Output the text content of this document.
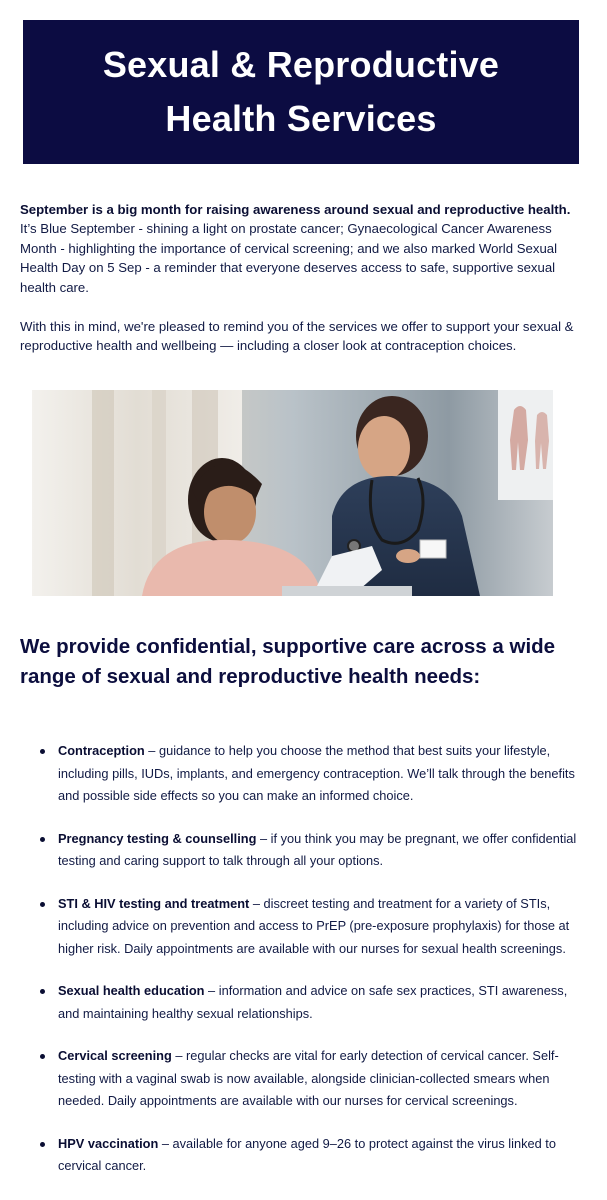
Sexual & Reproductive
Health Services

September is a big month for raising awareness around sexual and reproductive health. It’s Blue September - shining a light on prostate cancer; Gynaecological Cancer Awareness Month - highlighting the importance of cervical screening; and we also marked World Sexual Health Day on 5 Sep - a reminder that everyone deserves access to safe, supportive sexual health care.

With this in mind, we're pleased to remind you of the services we offer to support your sexual & reproductive health and wellbeing — including a closer look at contraception choices.

We provide confidential, supportive care across a wide range of sexual and reproductive health needs:
Contraception – guidance to help you choose the method that best suits your lifestyle, including pills, IUDs, implants, and emergency contraception. We’ll talk through the benefits and possible side effects so you can make an informed choice.
Pregnancy testing & counselling – if you think you may be pregnant, we offer confidential testing and caring support to talk through all your options.
STI & HIV testing and treatment – discreet testing and treatment for a variety of STIs, including advice on prevention and access to PrEP (pre-exposure prophylaxis) for those at higher risk. Daily appointments are available with our nurses for sexual health screenings.
Sexual health education – information and advice on safe sex practices, STI awareness, and maintaining healthy sexual relationships.
Cervical screening – regular checks are vital for early detection of cervical cancer. Self-testing with a vaginal swab is now available, alongside clinician-collected smears when needed. Daily appointments are available with our nurses for cervical screenings.
HPV vaccination – available for anyone aged 9–26 to protect against the virus linked to cervical cancer.
